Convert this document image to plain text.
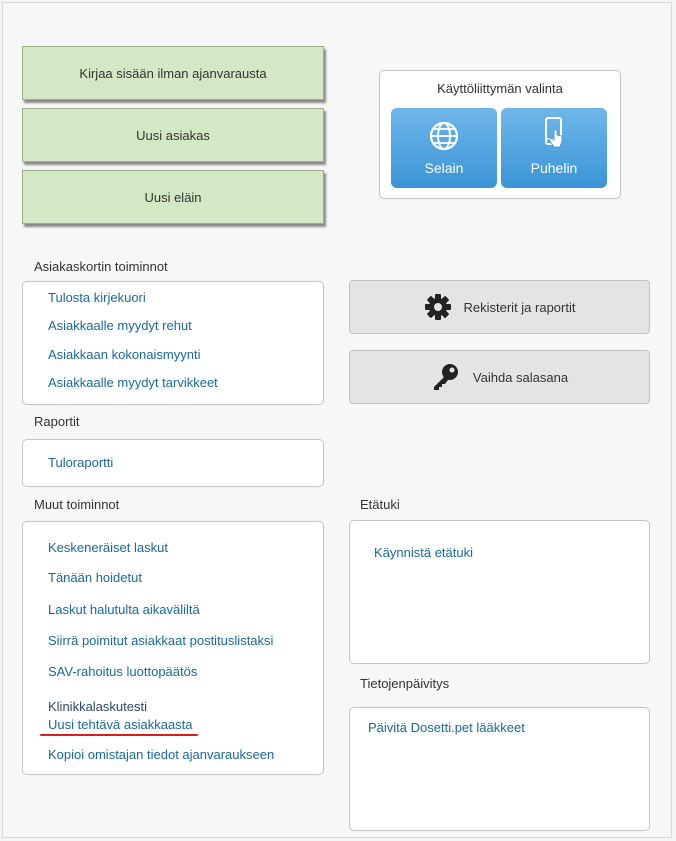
Kirjaa sisään ilman ajanvarausta
Uusi asiakas
Uusi eläin
Käyttöliittymän valinta
Selain	Puhelin
Asiakaskortin toiminnot
Tulosta kirjekuori
Asiakkaalle myydyt rehut
Asiakkaan kokonaismyynti
Asiakkaalle myydyt tarvikkeet
Raportit
Tuloraportti
Muut toiminnot
Keskeneräiset laskut
Tänään hoidetut
Laskut halutulta aikaväliltä
Siirrä poimitut asiakkaat postituslistaksi
SAV-rahoitus luottopäätös
Klinikkalaskutesti
Uusi tehtävä asiakkaasta
Kopioi omistajan tiedot ajanvaraukseen
Rekisterit ja raportit
Vaihda salasana
Etätuki
Käynnistä etätuki
Tietojenpäivitys
Päivitä Dosetti.pet lääkkeet
